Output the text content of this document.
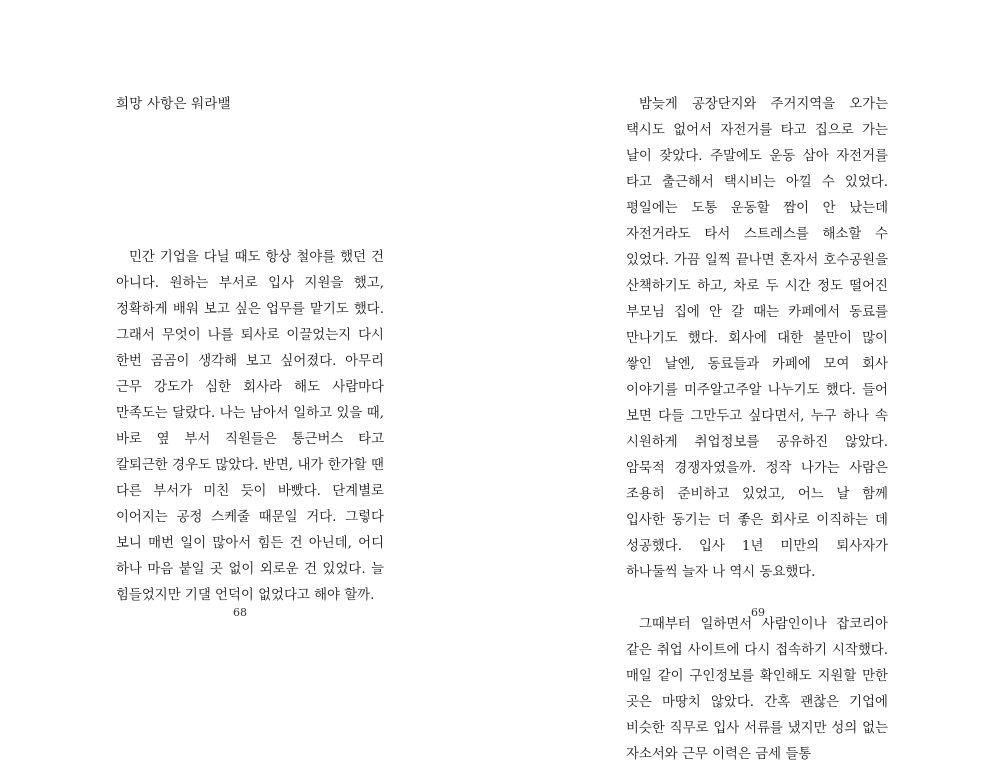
희망 사항은 워라밸

민간 기업을 다닐 때도 항상 철야를 했던 건 아니다. 원하는 부서로 입사 지원을 했고, 정확하게 배워 보고 싶은 업무를 맡기도 했다. 그래서 무엇이 나를 퇴사로 이끌었는지 다시 한번 곰곰이 생각해 보고 싶어졌다. 아무리 근무 강도가 심한 회사라 해도 사람마다 만족도는 달랐다. 나는 남아서 일하고 있을 때, 바로 옆 부서 직원들은 통근버스 타고 칼퇴근한 경우도 많았다. 반면, 내가 한가할 땐 다른 부서가 미친 듯이 바빴다. 단계별로 이어지는 공정 스케줄 때문일 거다. 그렇다 보니 매번 일이 많아서 힘든 건 아닌데, 어디 하나 마음 붙일 곳 없이 외로운 건 있었다. 늘 힘들었지만 기댈 언덕이 없었다고 해야 할까.

68

밤늦게 공장단지와 주거지역을 오가는 택시도 없어서 자전거를 타고 집으로 가는 날이 잦았다. 주말에도 운동 삼아 자전거를 타고 출근해서 택시비는 아낄 수 있었다. 평일에는 도통 운동할 짬이 안 났는데 자전거라도 타서 스트레스를 해소할 수 있었다. 가끔 일찍 끝나면 혼자서 호수공원을 산책하기도 하고, 차로 두 시간 정도 떨어진 부모님 집에 안 갈 때는 카페에서 동료를 만나기도 했다. 회사에 대한 불만이 많이 쌓인 날엔, 동료들과 카페에 모여 회사 이야기를 미주알고주알 나누기도 했다. 들어 보면 다들 그만두고 싶다면서, 누구 하나 속 시원하게 취업정보를 공유하진 않았다. 암묵적 경쟁자였을까. 정작 나가는 사람은 조용히 준비하고 있었고, 어느 날 함께 입사한 동기는 더 좋은 회사로 이직하는 데 성공했다. 입사 1년 미만의 퇴사자가 하나둘씩 늘자 나 역시 동요했다.

그때부터 일하면서 사람인이나 잡코리아 같은 취업 사이트에 다시 접속하기 시작했다. 매일 같이 구인정보를 확인해도 지원할 만한 곳은 마땅치 않았다. 간혹 괜찮은 기업에 비슷한 직무로 입사 서류를 냈지만 성의 없는 자소서와 근무 이력은 금세 들통

69
